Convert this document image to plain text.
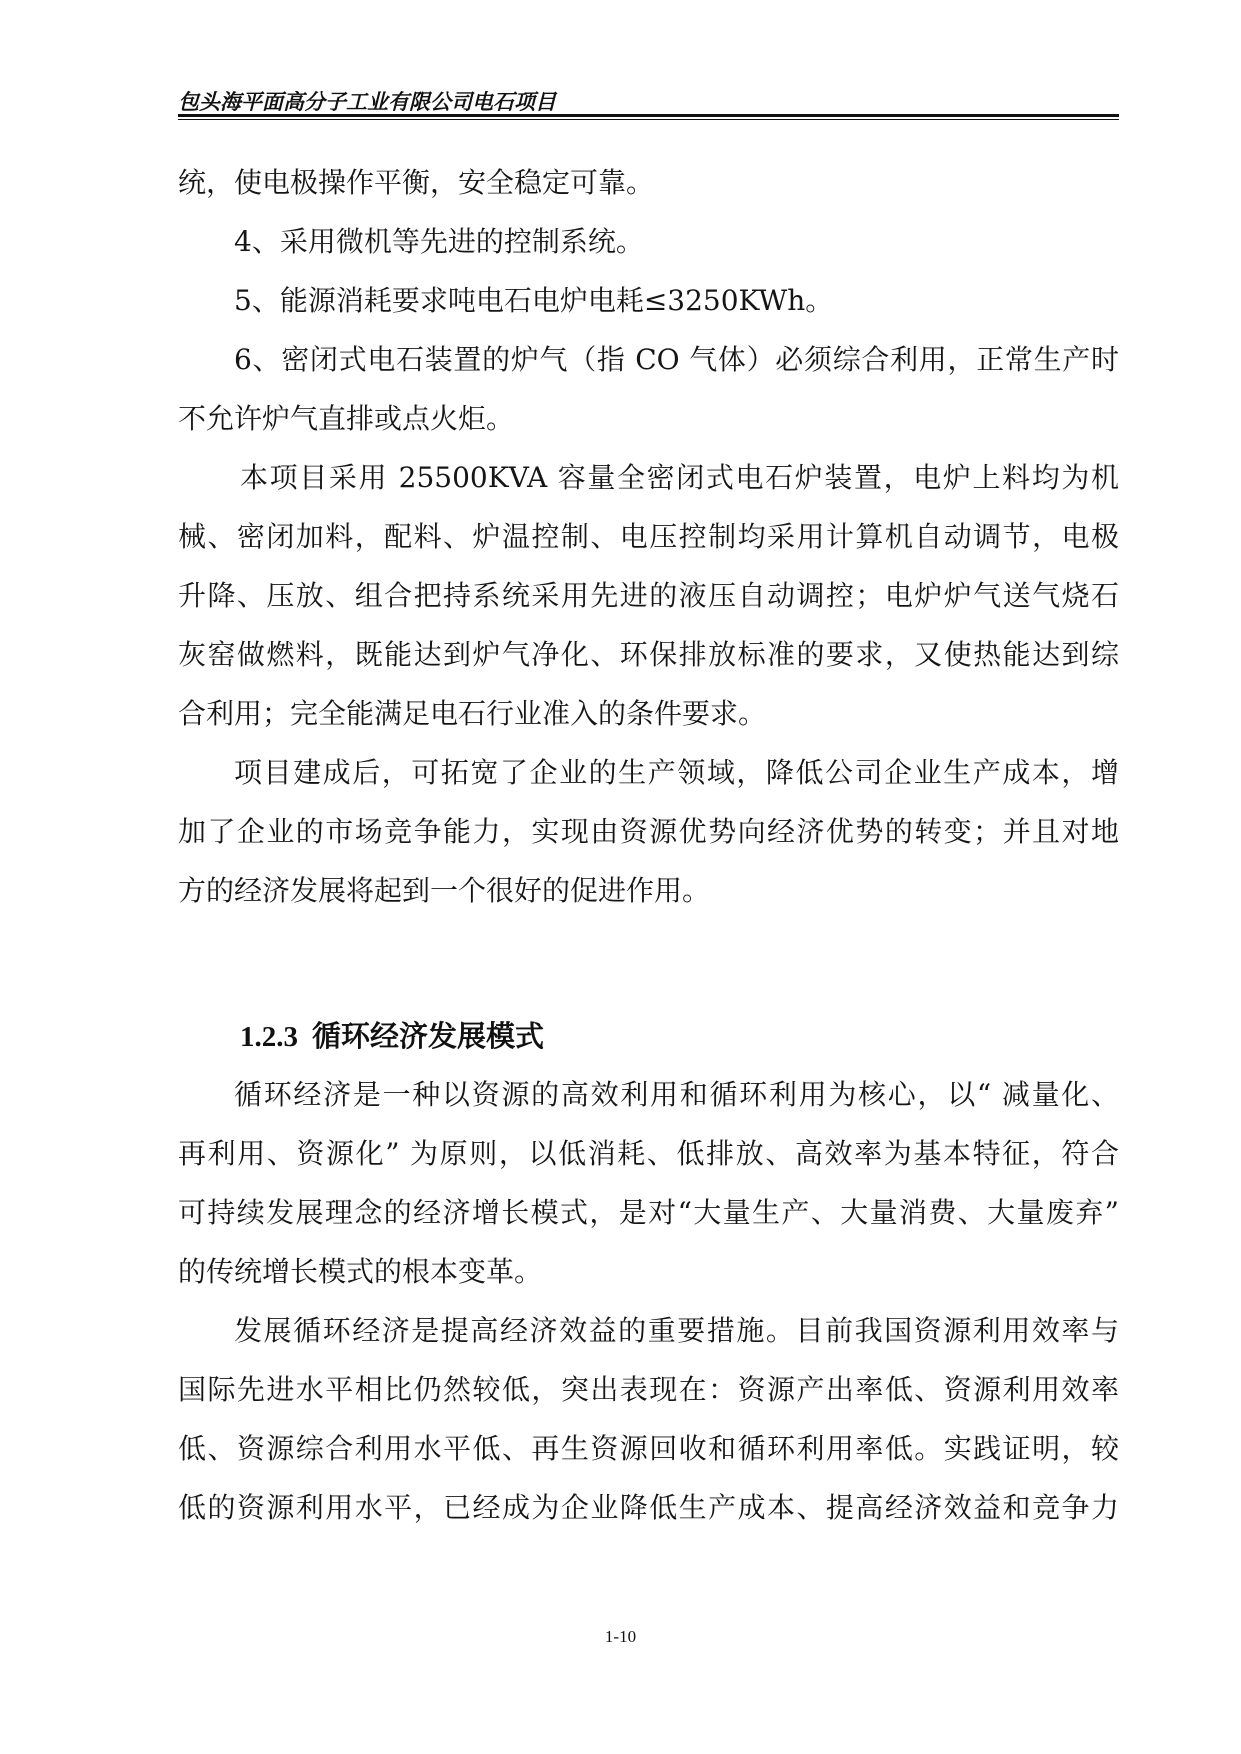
包头海平面高分子工业有限公司电石项目
统，使电极操作平衡，安全稳定可靠。
4、采用微机等先进的控制系统。
5、能源消耗要求吨电石电炉电耗≤3250KWh。
6、密闭式电石装置的炉气（指 CO 气体）必须综合利用，正常生产时
不允许炉气直排或点火炬。
本项目采用 25500KVA 容量全密闭式电石炉装置，电炉上料均为机
械、密闭加料，配料、炉温控制、电压控制均采用计算机自动调节，电极
升降、压放、组合把持系统采用先进的液压自动调控；电炉炉气送气烧石
灰窑做燃料，既能达到炉气净化、环保排放标准的要求，又使热能达到综
合利用；完全能满足电石行业准入的条件要求。
项目建成后，可拓宽了企业的生产领域，降低公司企业生产成本，增
加了企业的市场竞争能力，实现由资源优势向经济优势的转变；并且对地
方的经济发展将起到一个很好的促进作用。
1.2.3 循环经济发展模式
循环经济是一种以资源的高效利用和循环利用为核心，以“ 减量化、
再利用、资源化” 为原则，以低消耗、低排放、高效率为基本特征，符合
可持续发展理念的经济增长模式，是对“大量生产、大量消费、大量废弃”
的传统增长模式的根本变革。
发展循环经济是提高经济效益的重要措施。目前我国资源利用效率与
国际先进水平相比仍然较低，突出表现在：资源产出率低、资源利用效率
低、资源综合利用水平低、再生资源回收和循环利用率低。实践证明，较
低的资源利用水平，已经成为企业降低生产成本、提高经济效益和竞争力
1-10
